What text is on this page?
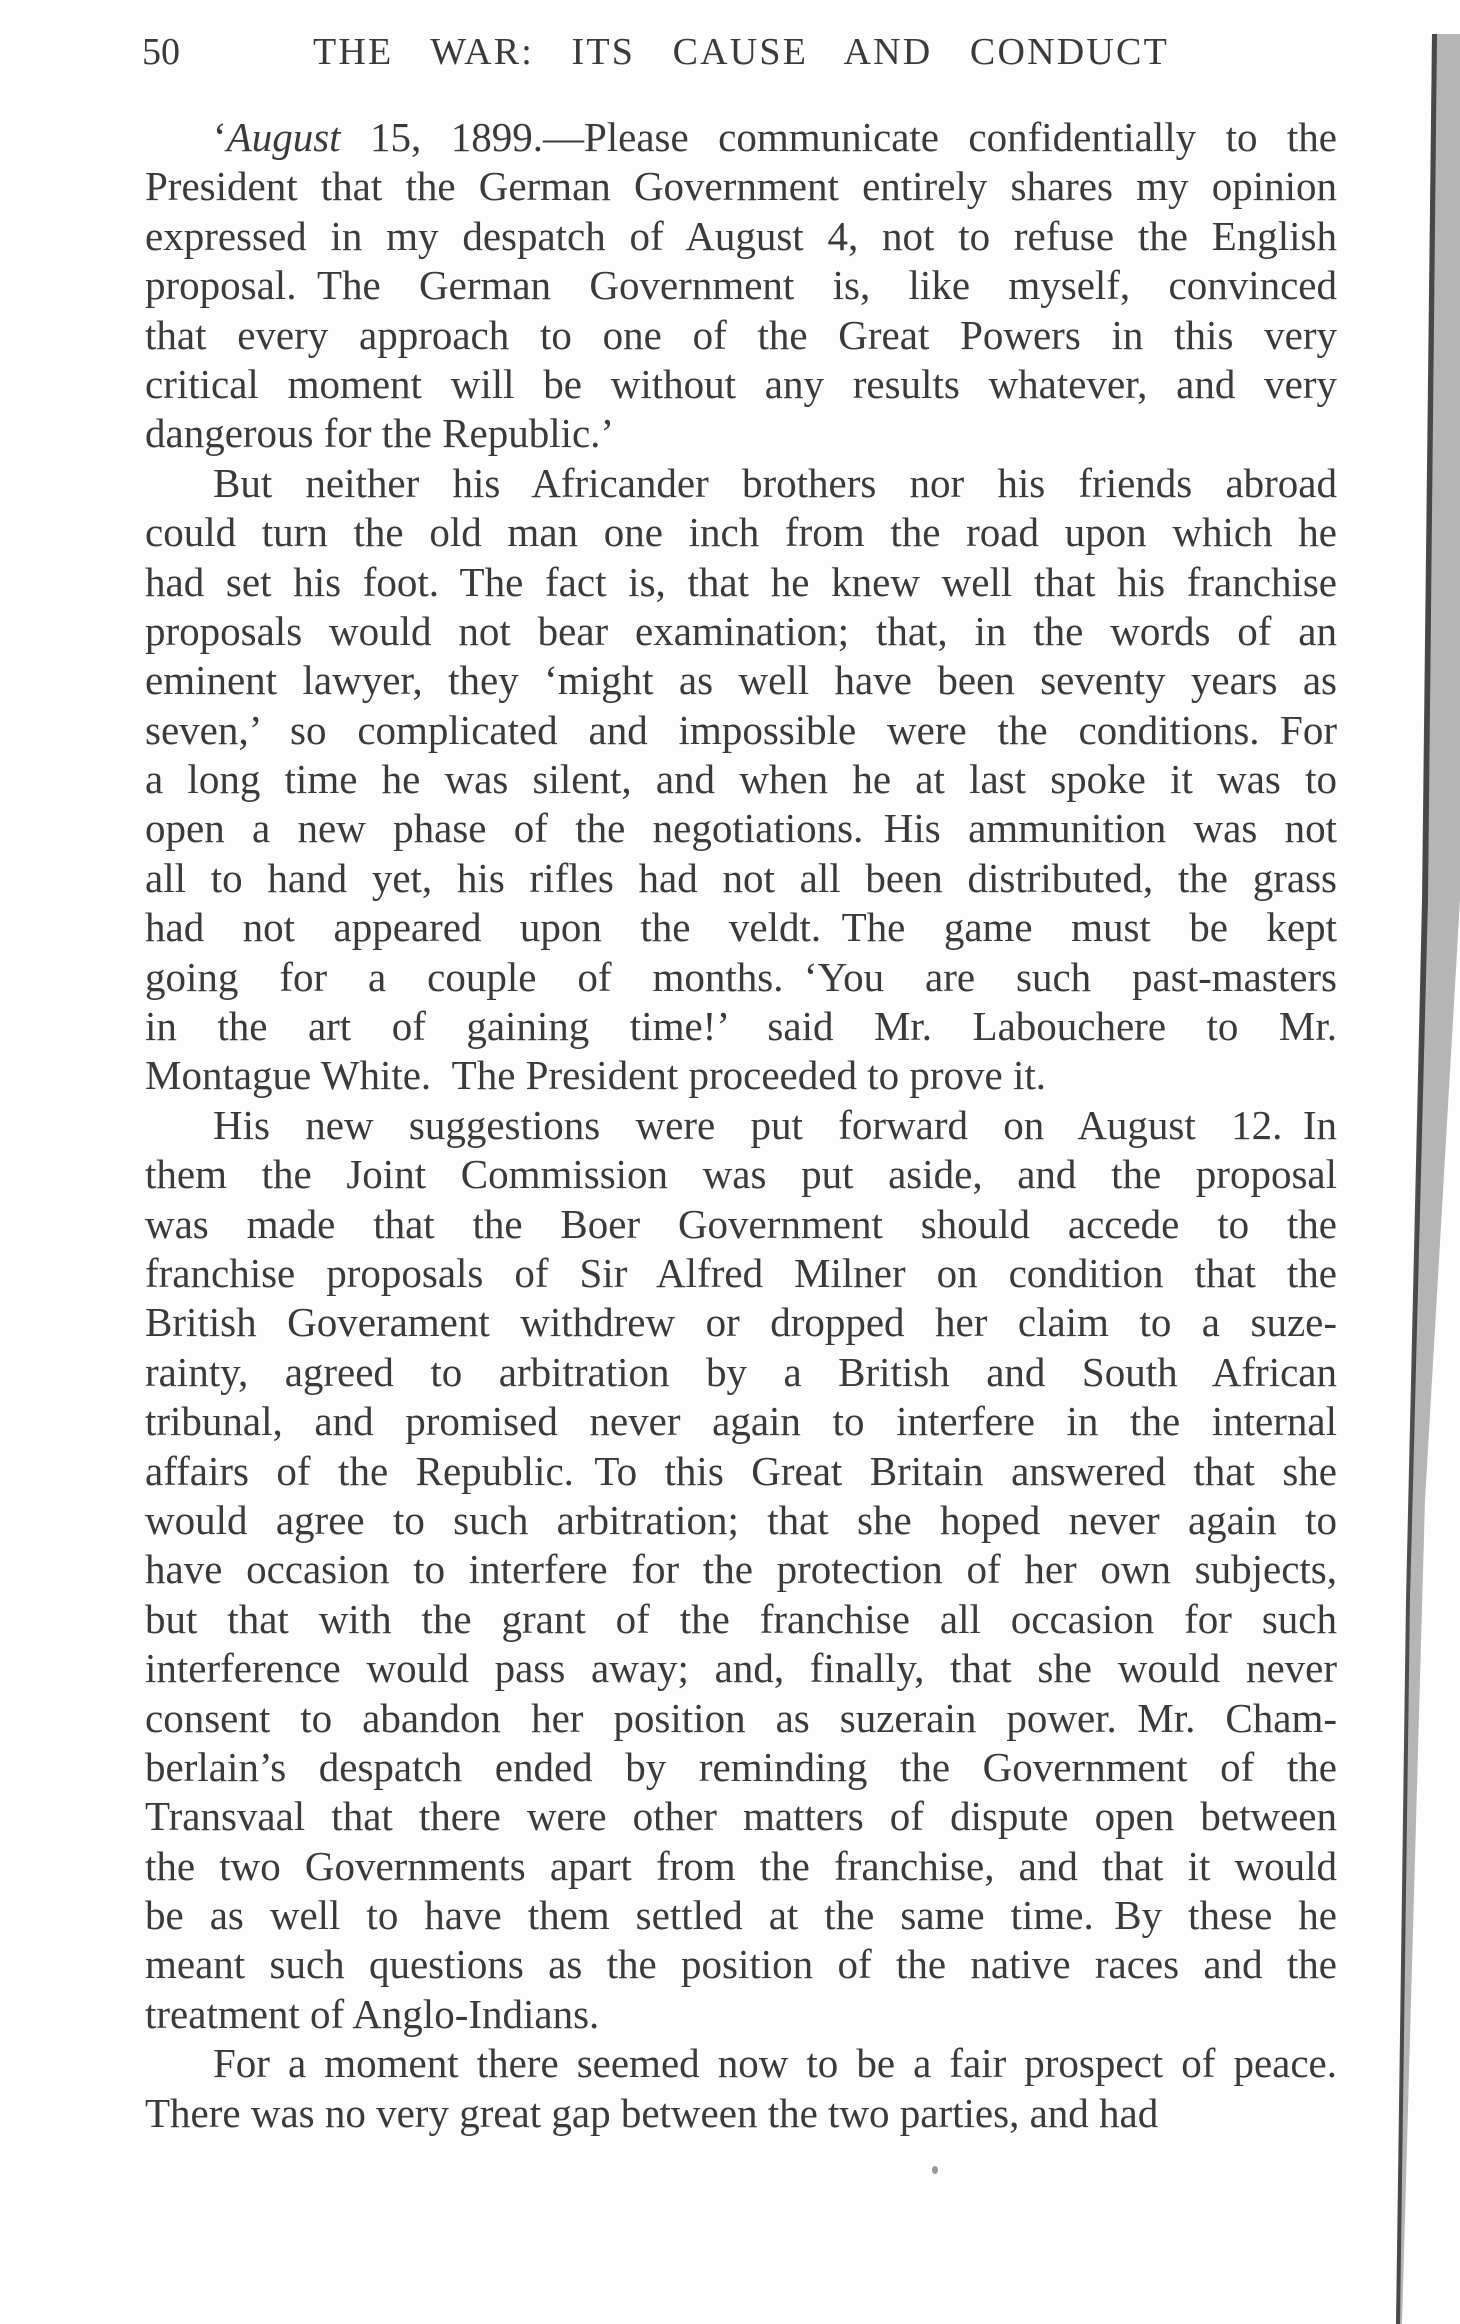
50	THE WAR: ITS CAUSE AND CONDUCT
‘August 15, 1899.—Please communicate confidentially to the
President that the German Government entirely shares my opinion
expressed in my despatch of August 4, not to refuse the English
proposal. The German Government is, like myself, convinced
that every approach to one of the Great Powers in this very
critical moment will be without any results whatever, and very
dangerous for the Republic.’
But neither his Africander brothers nor his friends abroad
could turn the old man one inch from the road upon which he
had set his foot. The fact is, that he knew well that his franchise
proposals would not bear examination; that, in the words of an
eminent lawyer, they ‘might as well have been seventy years as
seven,’ so complicated and impossible were the conditions. For
a long time he was silent, and when he at last spoke it was to
open a new phase of the negotiations. His ammunition was not
all to hand yet, his rifles had not all been distributed, the grass
had not appeared upon the veldt. The game must be kept
going for a couple of months. ‘You are such past-masters
in the art of gaining time!’ said Mr. Labouchere to Mr.
Montague White. The President proceeded to prove it.
His new suggestions were put forward on August 12. In
them the Joint Commission was put aside, and the proposal
was made that the Boer Government should accede to the
franchise proposals of Sir Alfred Milner on condition that the
British Goverament withdrew or dropped her claim to a suze-
rainty, agreed to arbitration by a British and South African
tribunal, and promised never again to interfere in the internal
affairs of the Republic. To this Great Britain answered that she
would agree to such arbitration; that she hoped never again to
have occasion to interfere for the protection of her own subjects,
but that with the grant of the franchise all occasion for such
interference would pass away; and, finally, that she would never
consent to abandon her position as suzerain power. Mr. Cham-
berlain’s despatch ended by reminding the Government of the
Transvaal that there were other matters of dispute open between
the two Governments apart from the franchise, and that it would
be as well to have them settled at the same time. By these he
meant such questions as the position of the native races and the
treatment of Anglo-Indians.
For a moment there seemed now to be a fair prospect of peace.
There was no very great gap between the two parties, and had
